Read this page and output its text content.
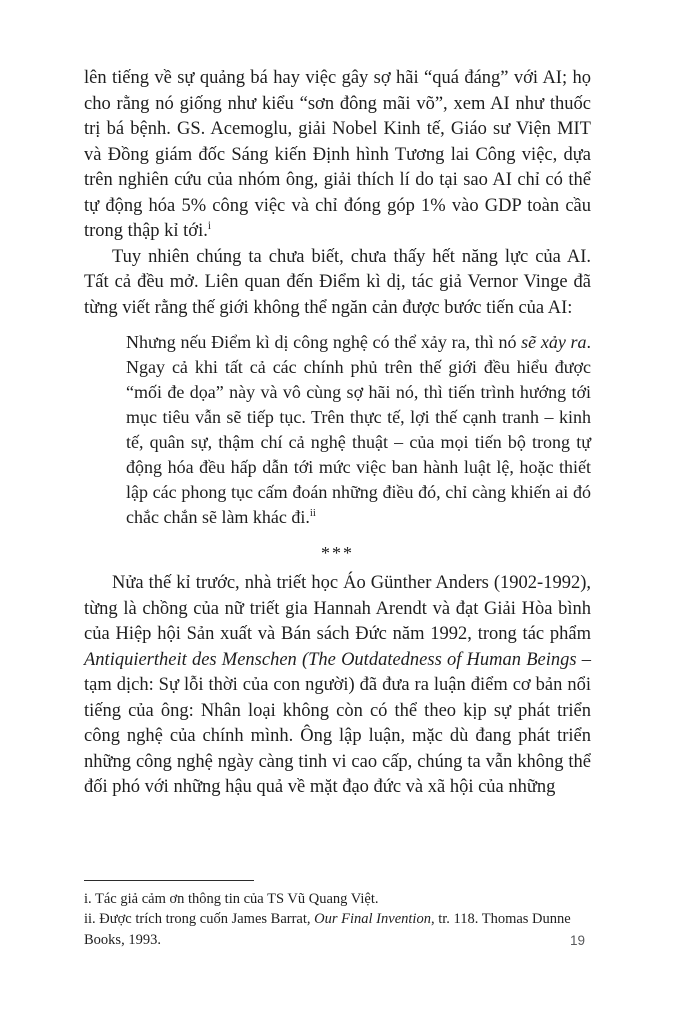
lên tiếng về sự quảng bá hay việc gây sợ hãi “quá đáng” với AI; họ cho rằng nó giống như kiểu “sơn đông mãi võ”, xem AI như thuốc trị bá bệnh. GS. Acemoglu, giải Nobel Kinh tế, Giáo sư Viện MIT và Đồng giám đốc Sáng kiến Định hình Tương lai Công việc, dựa trên nghiên cứu của nhóm ông, giải thích lí do tại sao AI chỉ có thể tự động hóa 5% công việc và chỉ đóng góp 1% vào GDP toàn cầu trong thập kỉ tới.$^i$

Tuy nhiên chúng ta chưa biết, chưa thấy hết năng lực của AI. Tất cả đều mở. Liên quan đến Điểm kì dị, tác giả Vernor Vinge đã từng viết rằng thế giới không thể ngăn cản được bước tiến của AI:

Nhưng nếu Điểm kì dị công nghệ có thể xảy ra, thì nó sẽ xảy ra. Ngay cả khi tất cả các chính phủ trên thế giới đều hiểu được “mối đe dọa” này và vô cùng sợ hãi nó, thì tiến trình hướng tới mục tiêu vẫn sẽ tiếp tục. Trên thực tế, lợi thế cạnh tranh – kinh tế, quân sự, thậm chí cả nghệ thuật – của mọi tiến bộ trong tự động hóa đều hấp dẫn tới mức việc ban hành luật lệ, hoặc thiết lập các phong tục cấm đoán những điều đó, chỉ càng khiến ai đó chắc chắn sẽ làm khác đi.$^{ii}$
***

Nửa thế kỉ trước, nhà triết học Áo Günther Anders (1902-1992), từng là chồng của nữ triết gia Hannah Arendt và đạt Giải Hòa bình của Hiệp hội Sản xuất và Bán sách Đức năm 1992, trong tác phẩm Antiquiertheit des Menschen (The Outdatedness of Human Beings – tạm dịch: Sự lỗi thời của con người) đã đưa ra luận điểm cơ bản nổi tiếng của ông: Nhân loại không còn có thể theo kịp sự phát triển công nghệ của chính mình. Ông lập luận, mặc dù đang phát triển những công nghệ ngày càng tinh vi cao cấp, chúng ta vẫn không thể đối phó với những hậu quả về mặt đạo đức và xã hội của những

i. Tác giả cảm ơn thông tin của TS Vũ Quang Việt.

ii. Được trích trong cuốn James Barrat, Our Final Invention, tr. 118. Thomas Dunne Books, 1993.	19
